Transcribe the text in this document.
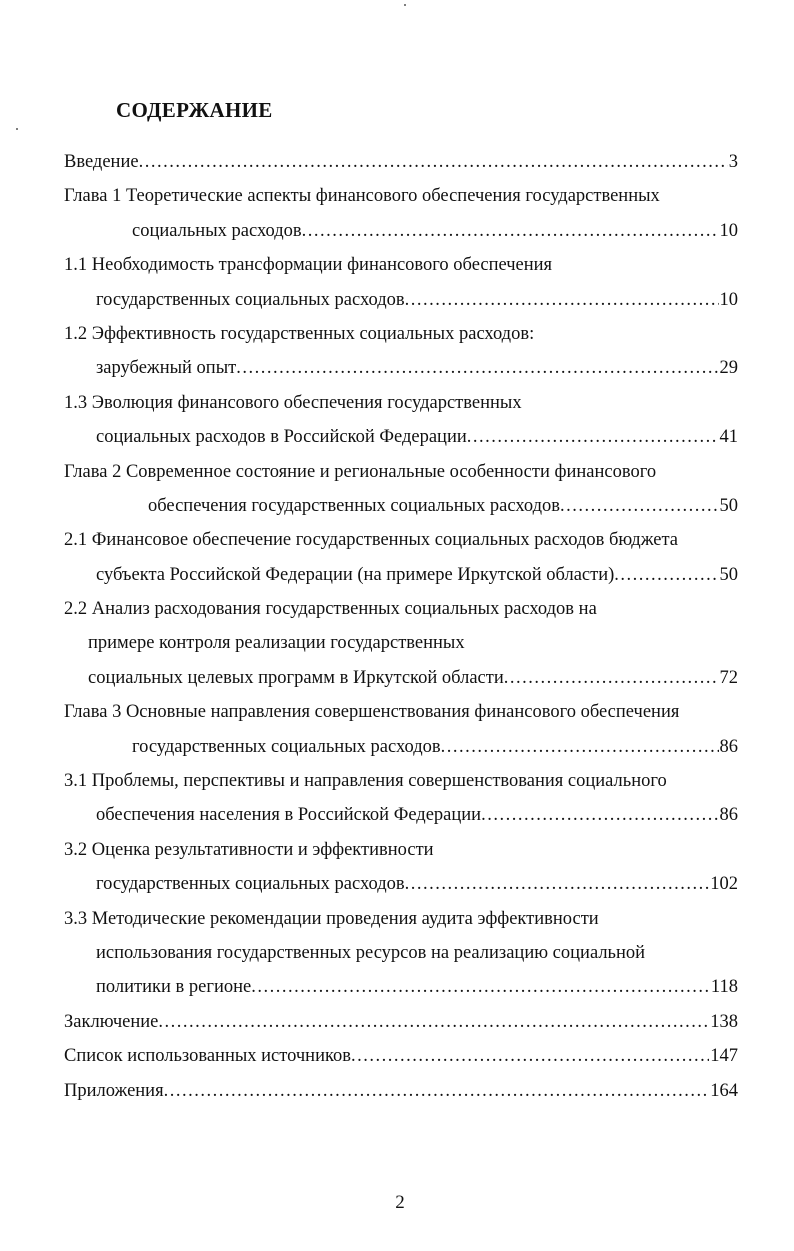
СОДЕРЖАНИЕ
Введение .....	3
Глава 1 Теоретические аспекты финансового обеспечения государственных
социальных расходов .....	10
1.1 Необходимость трансформации финансового обеспечения
государственных социальных расходов .....	10
1.2 Эффективность государственных социальных расходов:
зарубежный опыт .....	29
1.3 Эволюция финансового обеспечения государственных
социальных расходов в Российской Федерации .....	41
Глава 2 Современное состояние и региональные особенности финансового
обеспечения государственных социальных расходов .....	50
2.1 Финансовое обеспечение государственных социальных расходов бюджета
субъекта Российской Федерации (на примере Иркутской области) .....	50
2.2 Анализ расходования государственных социальных расходов на
примере контроля реализации государственных
социальных целевых программ в Иркутской области .....	72
Глава 3 Основные направления совершенствования финансового обеспечения
государственных социальных расходов .....	86
3.1 Проблемы, перспективы и направления совершенствования социального
обеспечения населения в Российской Федерации .....	86
3.2 Оценка результативности и эффективности
государственных социальных расходов .....	102
3.3 Методические рекомендации проведения аудита эффективности
использования государственных ресурсов на реализацию социальной
политики в регионе .....	118
Заключение .....	138
Список использованных источников .....	147
Приложения .....	164
2
